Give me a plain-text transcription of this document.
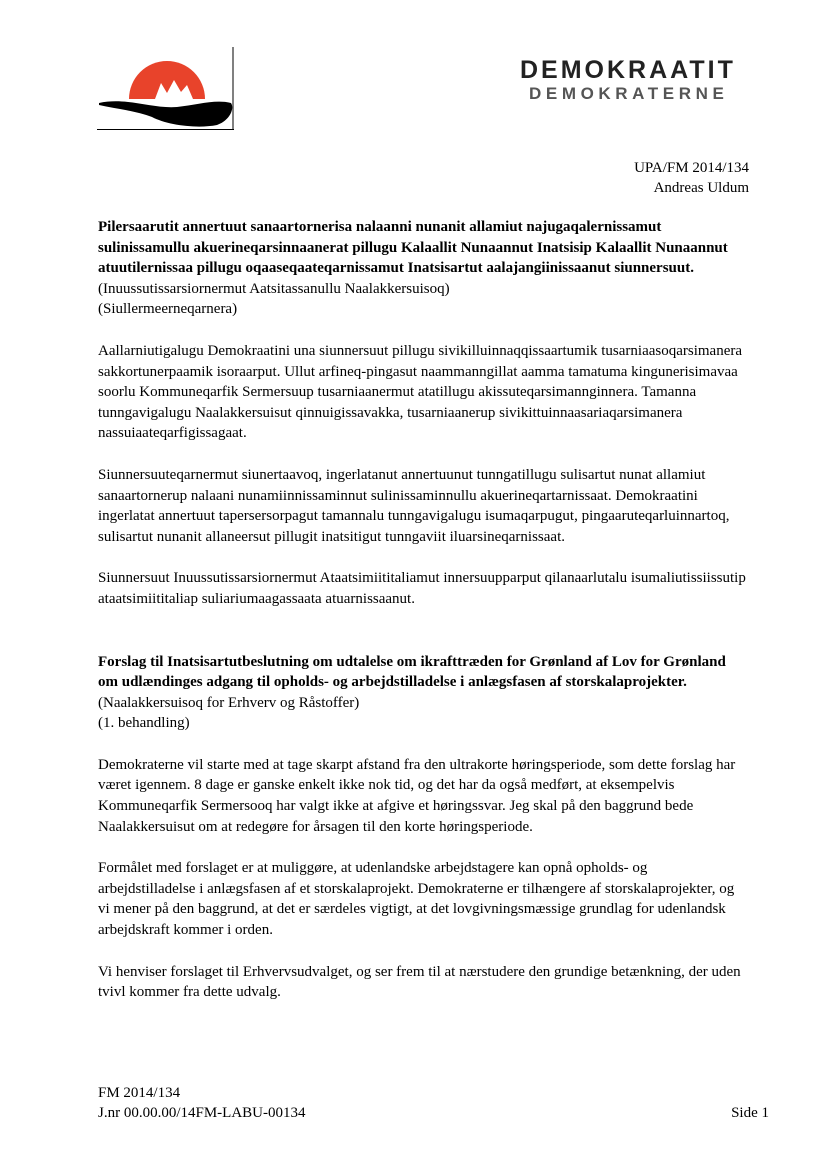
DEMOKRAATIT
DEMOKRATERNE
UPA/FM 2014/134
Andreas Uldum

Pilersaarutit annertuut sanaartornerisa nalaanni nunanit allamiut najugaqalernissamut sulinissamullu akuerineqarsinnaanerat pillugu Kalaallit Nunaannut Inatsisip Kalaallit Nunaannut atuutilernissaa pillugu oqaaseqaateqarnissamut Inatsisartut aalajangiinissaanut siunnersuut.
(Inuussutissarsiornermut Aatsitassanullu Naalakkersuisoq)
(Siullermeerneqarnera)

Aallarniutigalugu Demokraatini una siunnersuut pillugu sivikilluinnaqqissaartumik tusarniaasoqarsimanera sakkortunerpaamik isoraarput. Ullut arfineq-pingasut naammanngillat aamma tamatuma kingunerisimavaa soorlu Kommuneqarfik Sermersuup tusarniaanermut atatillugu akissuteqarsimannginnera. Tamanna tunngavigalugu Naalakkersuisut qinnuigissavakka, tusarniaanerup sivikittuinnaasariaqarsimanera nassuiaateqarfigissagaat.

Siunnersuuteqarnermut siunertaavoq, ingerlatanut annertuunut tunngatillugu sulisartut nunat allamiut sanaartornerup nalaani nunamiinnissaminnut sulinissaminnullu akuerineqartarnissaat. Demokraatini ingerlatat annertuut tapersersorpagut tamannalu tunngavigalugu isumaqarpugut, pingaaruteqarluinnartoq, sulisartut nunanit allaneersut pillugit inatsitigut tunngaviit iluarsineqarnissaat.

Siunnersuut Inuussutissarsiornermut Ataatsimiititaliamut innersuupparput qilanaarlutalu isumaliutissiissutip ataatsimiititaliap suliariumaagassaata atuarnissaanut.

Forslag til Inatsisartutbeslutning om udtalelse om ikrafttræden for Grønland af Lov for Grønland om udlændinges adgang til opholds- og arbejdstilladelse i anlægsfasen af storskalaprojekter.
(Naalakkersuisoq for Erhverv og Råstoffer)
(1. behandling)

Demokraterne vil starte med at tage skarpt afstand fra den ultrakorte høringsperiode, som dette forslag har været igennem. 8 dage er ganske enkelt ikke nok tid, og det har da også medført, at eksempelvis Kommuneqarfik Sermersooq har valgt ikke at afgive et høringssvar. Jeg skal på den baggrund bede Naalakkersuisut om at redegøre for årsagen til den korte høringsperiode.

Formålet med forslaget er at muliggøre, at udenlandske arbejdstagere kan opnå opholds- og arbejdstilladelse i anlægsfasen af et storskalaprojekt. Demokraterne er tilhængere af storskalaprojekter, og vi mener på den baggrund, at det er særdeles vigtigt, at det lovgivningsmæssige grundlag for udenlandsk arbejdskraft kommer i orden.

Vi henviser forslaget til Erhvervsudvalget, og ser frem til at nærstudere den grundige betænkning, der uden tvivl kommer fra dette udvalg.

FM 2014/134
J.nr 00.00.00/14FM-LABU-00134	Side 1
